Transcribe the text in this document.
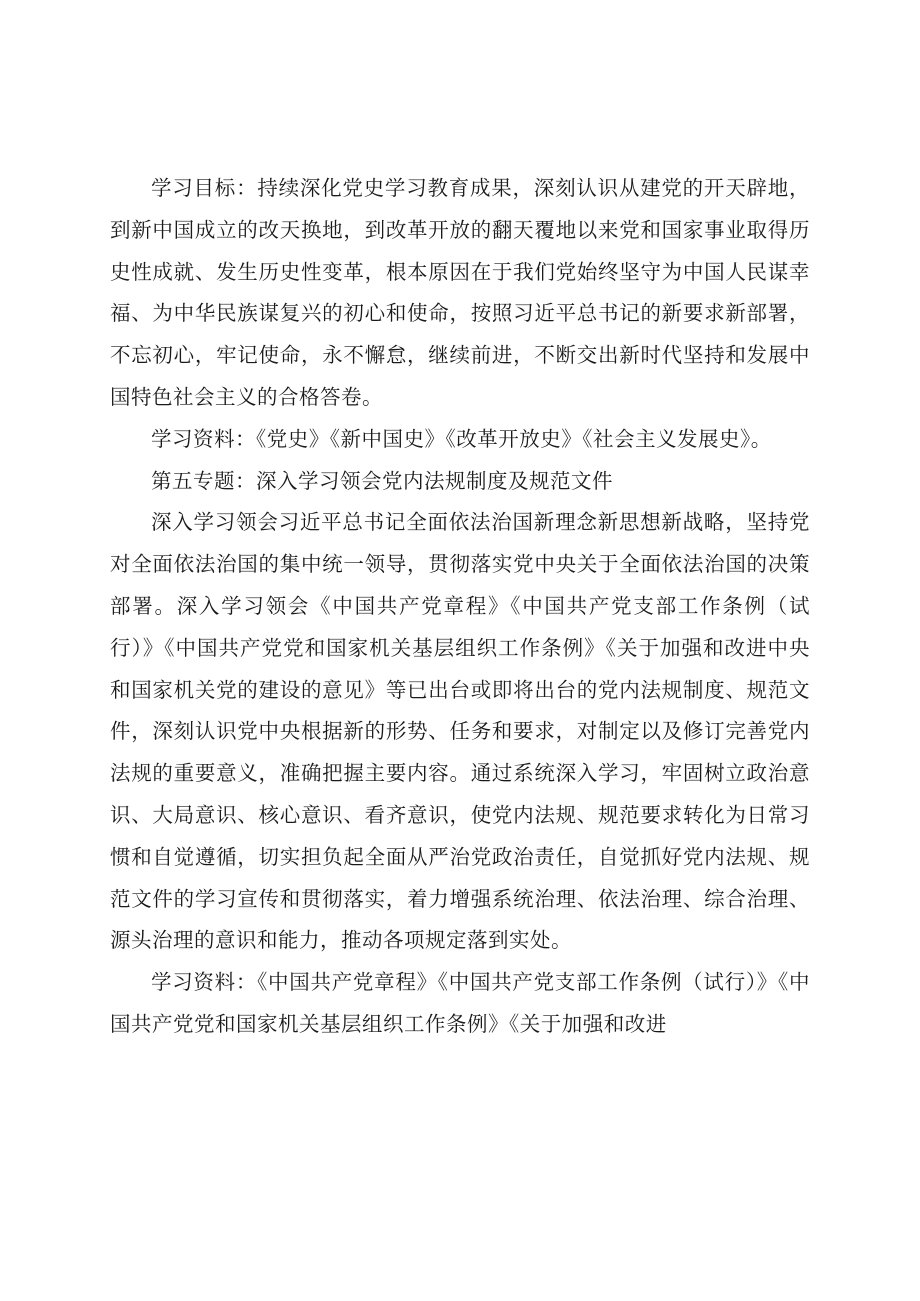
学习目标：持续深化党史学习教育成果，深刻认识从建党的开天辟地，到新中国成立的改天换地，到改革开放的翻天覆地以来党和国家事业取得历史性成就、发生历史性变革，根本原因在于我们党始终坚守为中国人民谋幸福、为中华民族谋复兴的初心和使命，按照习近平总书记的新要求新部署，不忘初心，牢记使命，永不懈怠，继续前进，不断交出新时代坚持和发展中国特色社会主义的合格答卷。

学习资料：《党史》《新中国史》《改革开放史》《社会主义发展史》。

第五专题：深入学习领会党内法规制度及规范文件

深入学习领会习近平总书记全面依法治国新理念新思想新战略，坚持党对全面依法治国的集中统一领导，贯彻落实党中央关于全面依法治国的决策部署。深入学习领会《中国共产党章程》《中国共产党支部工作条例（试行）》《中国共产党党和国家机关基层组织工作条例》《关于加强和改进中央和国家机关党的建设的意见》等已出台或即将出台的党内法规制度、规范文件，深刻认识党中央根据新的形势、任务和要求，对制定以及修订完善党内法规的重要意义，准确把握主要内容。通过系统深入学习，牢固树立政治意识、大局意识、核心意识、看齐意识，使党内法规、规范要求转化为日常习惯和自觉遵循，切实担负起全面从严治党政治责任，自觉抓好党内法规、规范文件的学习宣传和贯彻落实，着力增强系统治理、依法治理、综合治理、源头治理的意识和能力，推动各项规定落到实处。

学习资料：《中国共产党章程》《中国共产党支部工作条例（试行）》《中国共产党党和国家机关基层组织工作条例》《关于加强和改进
